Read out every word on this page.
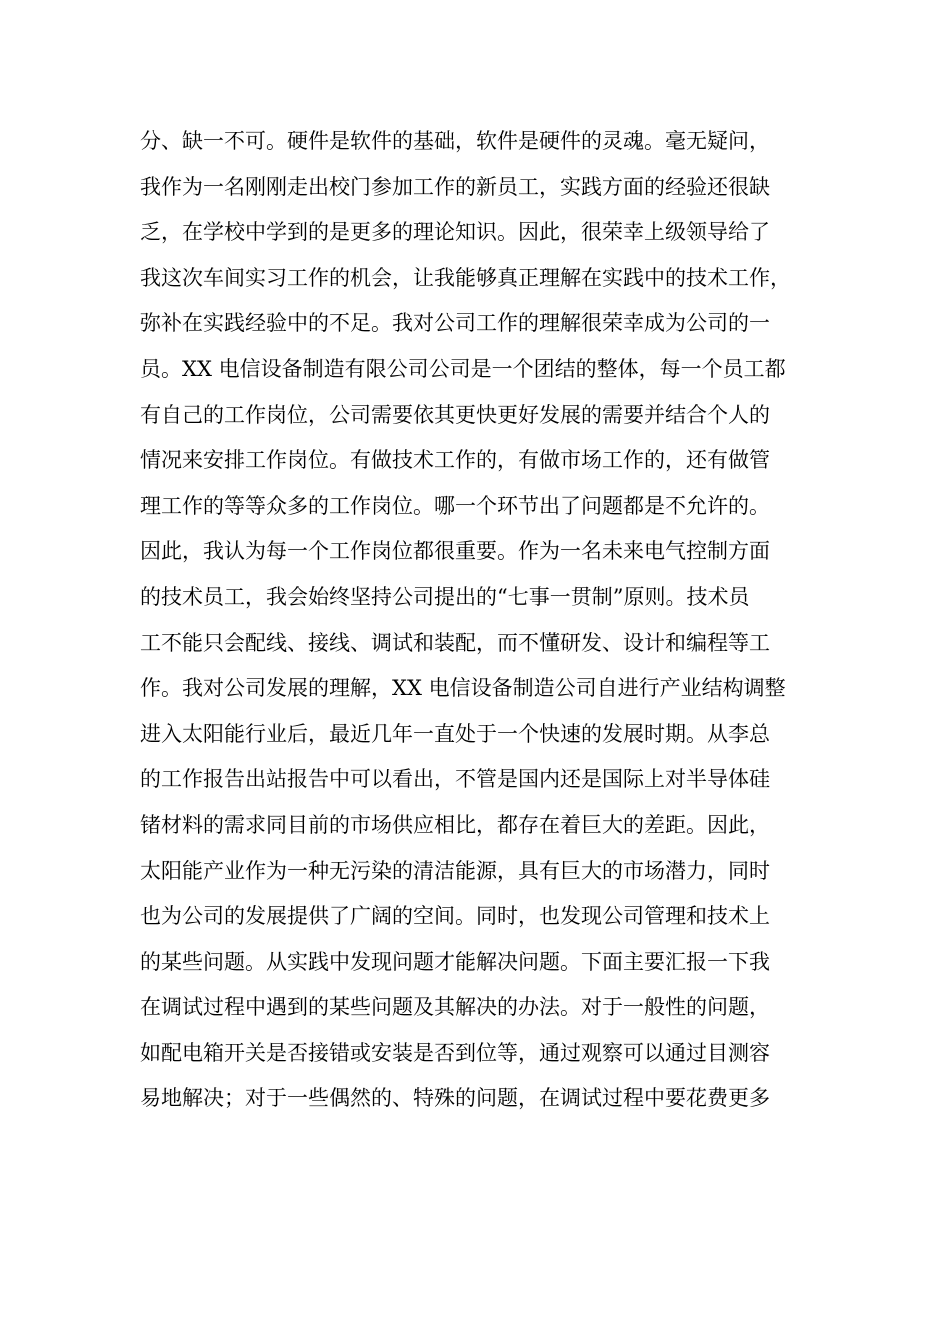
分、缺一不可。硬件是软件的基础，软件是硬件的灵魂。毫无疑问，
我作为一名刚刚走出校门参加工作的新员工，实践方面的经验还很缺
乏，在学校中学到的是更多的理论知识。因此，很荣幸上级领导给了
我这次车间实习工作的机会，让我能够真正理解在实践中的技术工作，
弥补在实践经验中的不足。我对公司工作的理解很荣幸成为公司的一
员。XX 电信设备制造有限公司公司是一个团结的整体，每一个员工都
有自己的工作岗位，公司需要依其更快更好发展的需要并结合个人的
情况来安排工作岗位。有做技术工作的，有做市场工作的，还有做管
理工作的等等众多的工作岗位。哪一个环节出了问题都是不允许的。
因此，我认为每一个工作岗位都很重要。作为一名未来电气控制方面
的技术员工，我会始终坚持公司提出的“七事一贯制”原则。技术员
工不能只会配线、接线、调试和装配，而不懂研发、设计和编程等工
作。我对公司发展的理解，XX 电信设备制造公司自进行产业结构调整
进入太阳能行业后，最近几年一直处于一个快速的发展时期。从李总
的工作报告出站报告中可以看出，不管是国内还是国际上对半导体硅
锗材料的需求同目前的市场供应相比，都存在着巨大的差距。因此，
太阳能产业作为一种无污染的清洁能源，具有巨大的市场潜力，同时
也为公司的发展提供了广阔的空间。同时，也发现公司管理和技术上
的某些问题。从实践中发现问题才能解决问题。下面主要汇报一下我
在调试过程中遇到的某些问题及其解决的办法。对于一般性的问题，
如配电箱开关是否接错或安装是否到位等，通过观察可以通过目测容
易地解决；对于一些偶然的、特殊的问题，在调试过程中要花费更多
